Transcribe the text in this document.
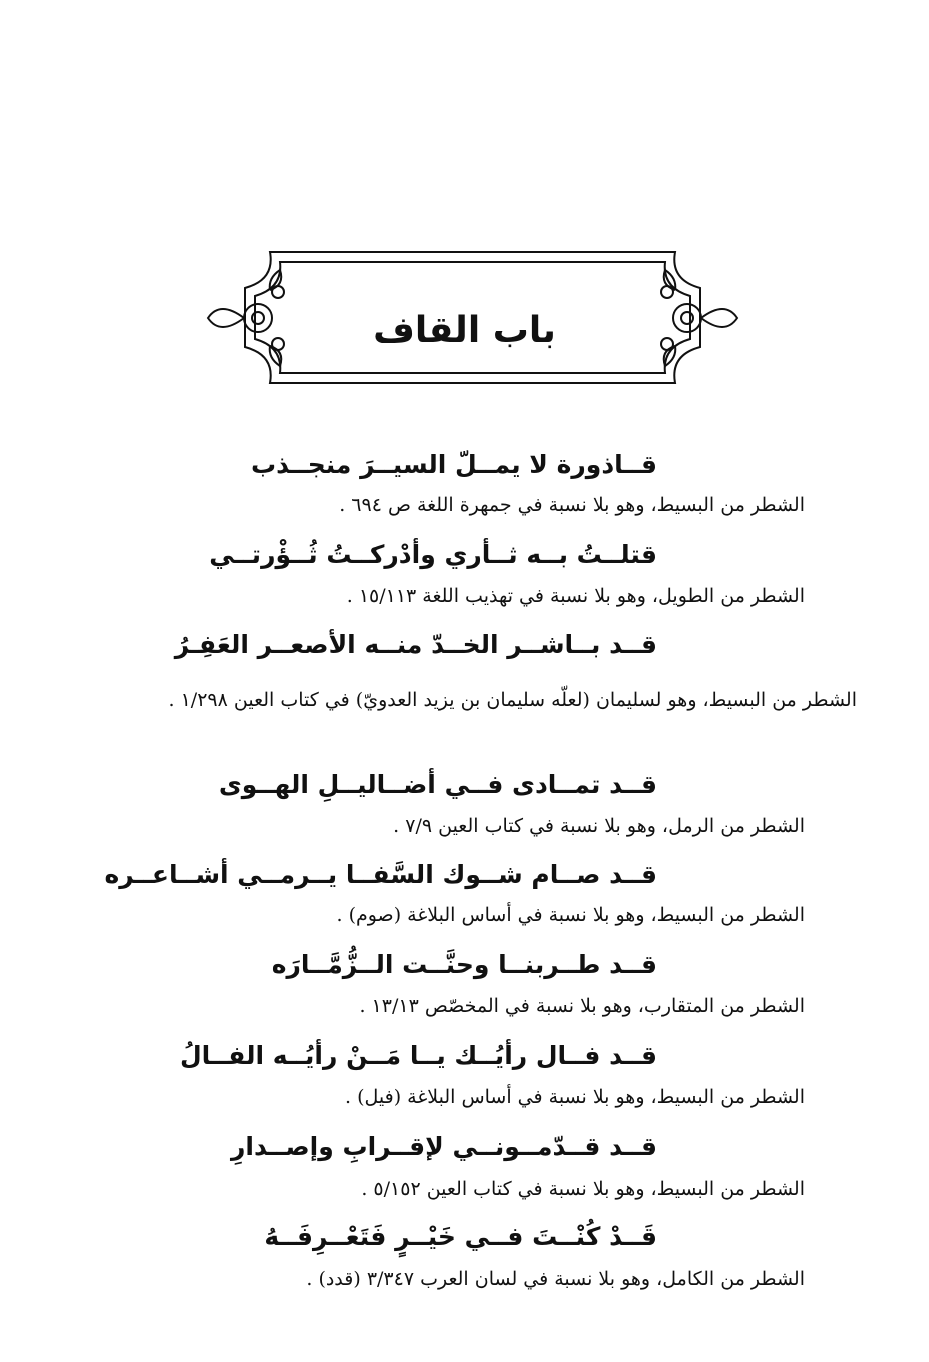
باب القاف
قــاذورة لا يمــلّ السيــرَ منجــذب
الشطر من البسيط، وهو بلا نسبة في جمهرة اللغة ص ٦٩٤ .
قتلــتُ بــه ثــأري وأدْركــتُ ثُــؤْرتــي
الشطر من الطويل، وهو بلا نسبة في تهذيب اللغة ١٥/١١٣ .
قــد بــاشــر الخــدّ منــه الأصعــر العَفِـرُ
الشطر من البسيط، وهو لسليمان (لعلّه سليمان بن يزيد العدويّ) في كتاب العين ١/٢٩٨ .
قــد تمــادى فــي أضــاليــلِ الهــوى
الشطر من الرمل، وهو بلا نسبة في كتاب العين ٧/٩ .
قــد صــام شــوك السَّفــا يــرمــي أشــاعــره
الشطر من البسيط، وهو بلا نسبة في أساس البلاغة (صوم) .
قــد طــربنــا وحنَّــت الــزُّمَّــارَه
الشطر من المتقارب، وهو بلا نسبة في المخصّص ١٣/١٣ .
قــد فــال رأيُــك يــا مَــنْ رأيُــه الفــالُ
الشطر من البسيط، وهو بلا نسبة في أساس البلاغة (فيل) .
قــد قــدّمــونــي لإقــرابِ وإصــدارِ
الشطر من البسيط، وهو بلا نسبة في كتاب العين ٥/١٥٢ .
قَــدْ كُنْــتَ فــي خَيْــرٍ فَتَعْــرِفَــهُ
الشطر من الكامل، وهو بلا نسبة في لسان العرب ٣/٣٤٧ (قدد) .
